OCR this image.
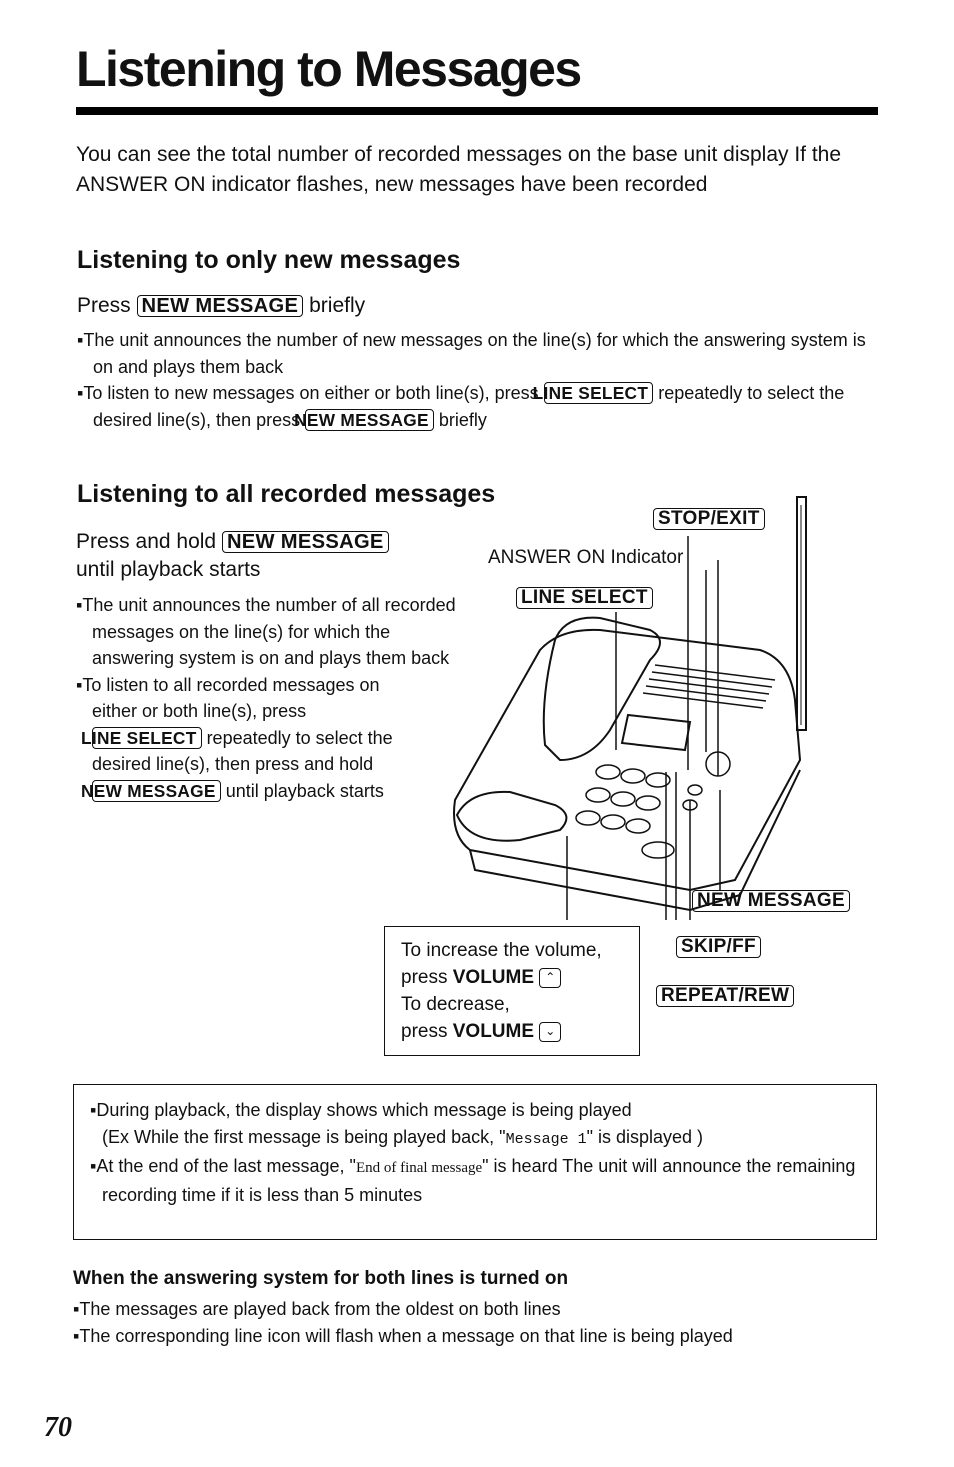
Listening to Messages
You can see the total number of recorded messages on the base unit display If the ANSWER ON indicator flashes, new messages have been recorded
Listening to only new messages
Press NEW MESSAGE briefly
▪The unit announces the number of new messages on the line(s) for which the answering system is on and plays them back
▪To listen to new messages on either or both line(s), press LINE SELECT repeatedly to select the desired line(s), then press NEW MESSAGE briefly
Listening to all recorded messages
Press and hold NEW MESSAGE
until playback starts
▪The unit announces the number of all recorded messages on the line(s) for which the answering system is on and plays them back
▪To listen to all recorded messages on either or both line(s), press LINE SELECT repeatedly to select the desired line(s), then press and hold NEW MESSAGE until playback starts
STOP/EXIT
ANSWER ON Indicator
LINE SELECT
NEW MESSAGE
SKIP/FF
REPEAT/REW
To increase the volume,
press VOLUME ⌃
To decrease,
press VOLUME ⌄
▪During playback, the display shows which message is being played
(Ex While the first message is being played back, "Message 1" is displayed )
▪At the end of the last message, "End of final message" is heard The unit will announce the remaining recording time if it is less than 5 minutes
When the answering system for both lines is turned on
▪The messages are played back from the oldest on both lines
▪The corresponding line icon will flash when a message on that line is being played
70
